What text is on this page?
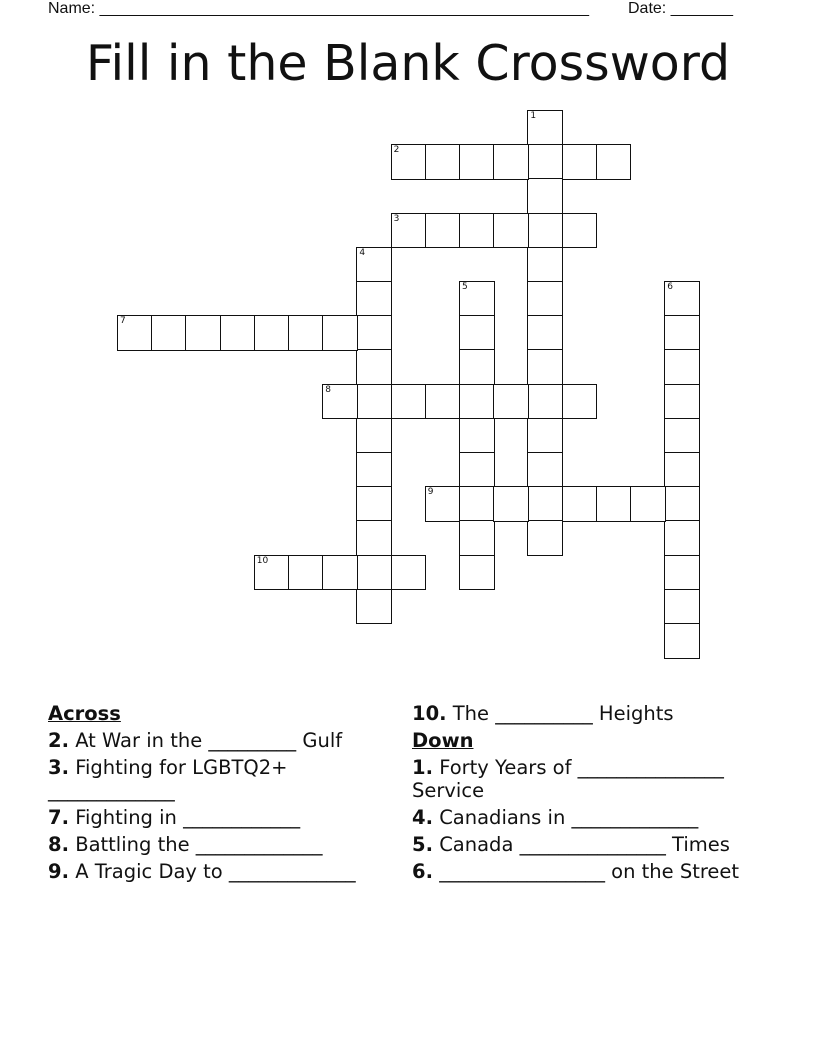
Name: _______________________________________________________ Date: _______
Fill in the Blank Crossword
1
2
3
4
5	6
7
8
9
10
Across
2. At War in the _________ Gulf
3. Fighting for LGBTQ2+ _____________
7. Fighting in ____________
8. Battling the _____________
9. A Tragic Day to _____________
10. The __________ Heights
Down
1. Forty Years of _______________ Service
4. Canadians in _____________
5. Canada _______________ Times
6. _________________ on the Street
